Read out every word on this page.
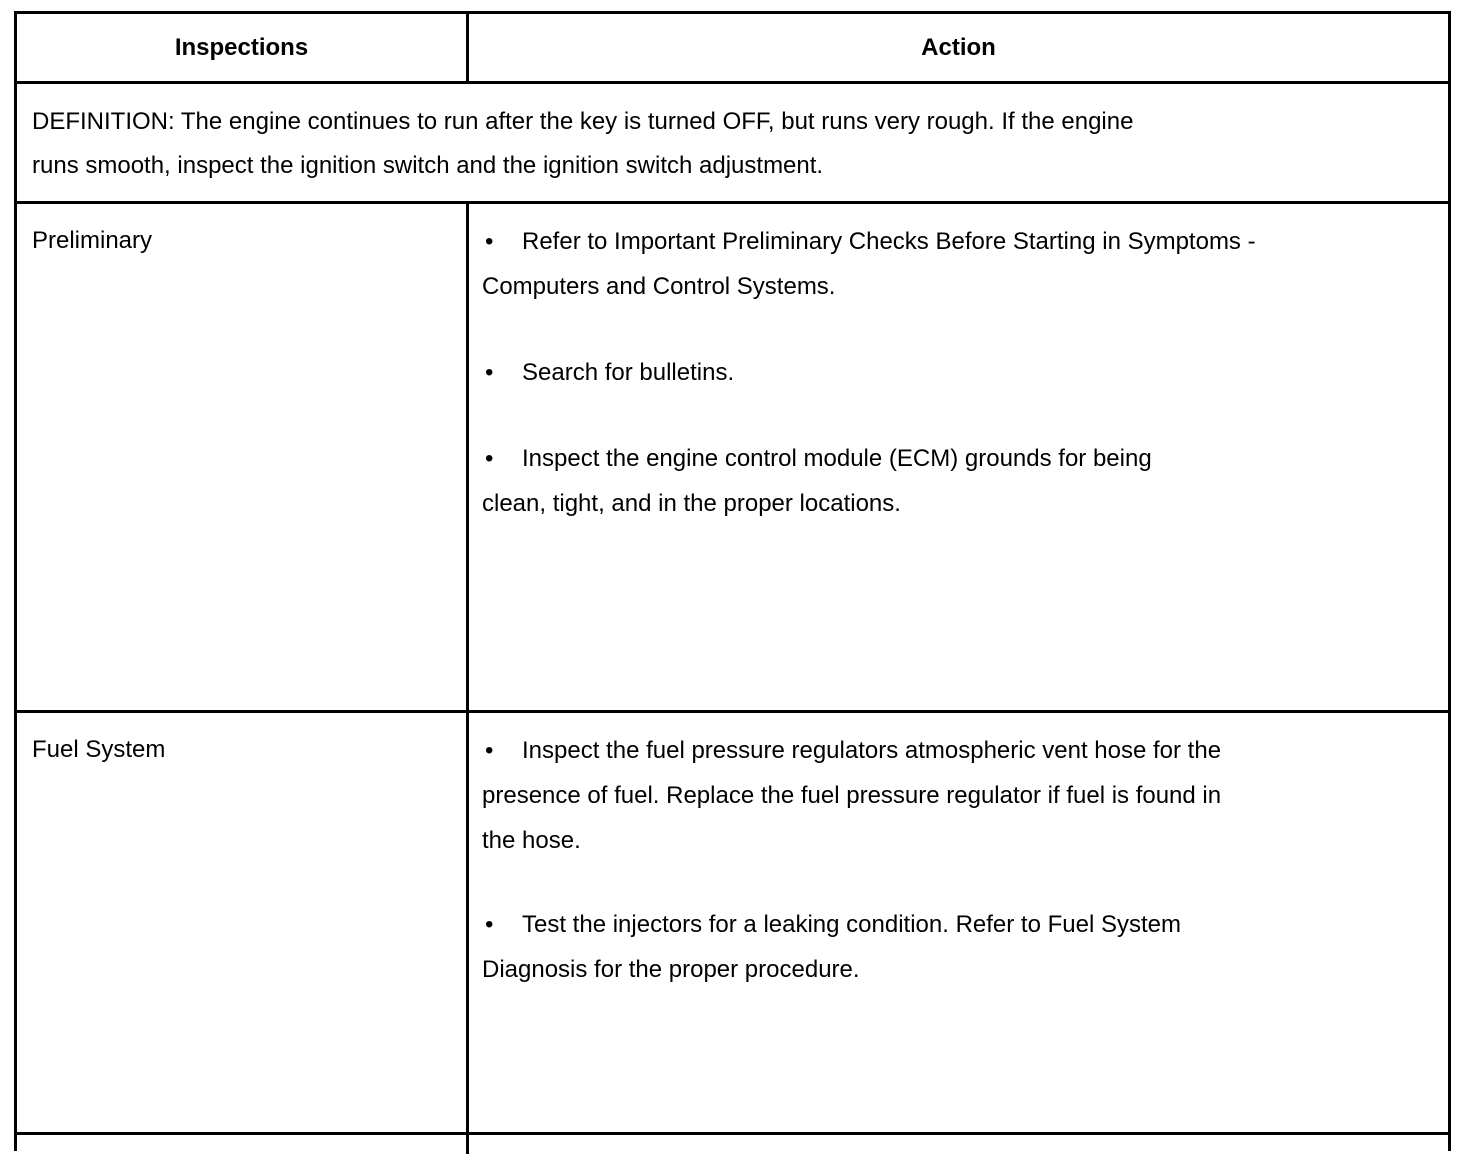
Inspections	Action
DEFINITION: The engine continues to run after the key is turned OFF, but runs very rough. If the engine
runs smooth, inspect the ignition switch and the ignition switch adjustment.
Preliminary	• Refer to Important Preliminary Checks Before Starting in Symptoms -
Computers and Control Systems.
• Search for bulletins.
• Inspect the engine control module (ECM) grounds for being
clean, tight, and in the proper locations.
Fuel System	• Inspect the fuel pressure regulators atmospheric vent hose for the
presence of fuel. Replace the fuel pressure regulator if fuel is found in
the hose.
• Test the injectors for a leaking condition. Refer to Fuel System
Diagnosis for the proper procedure.
